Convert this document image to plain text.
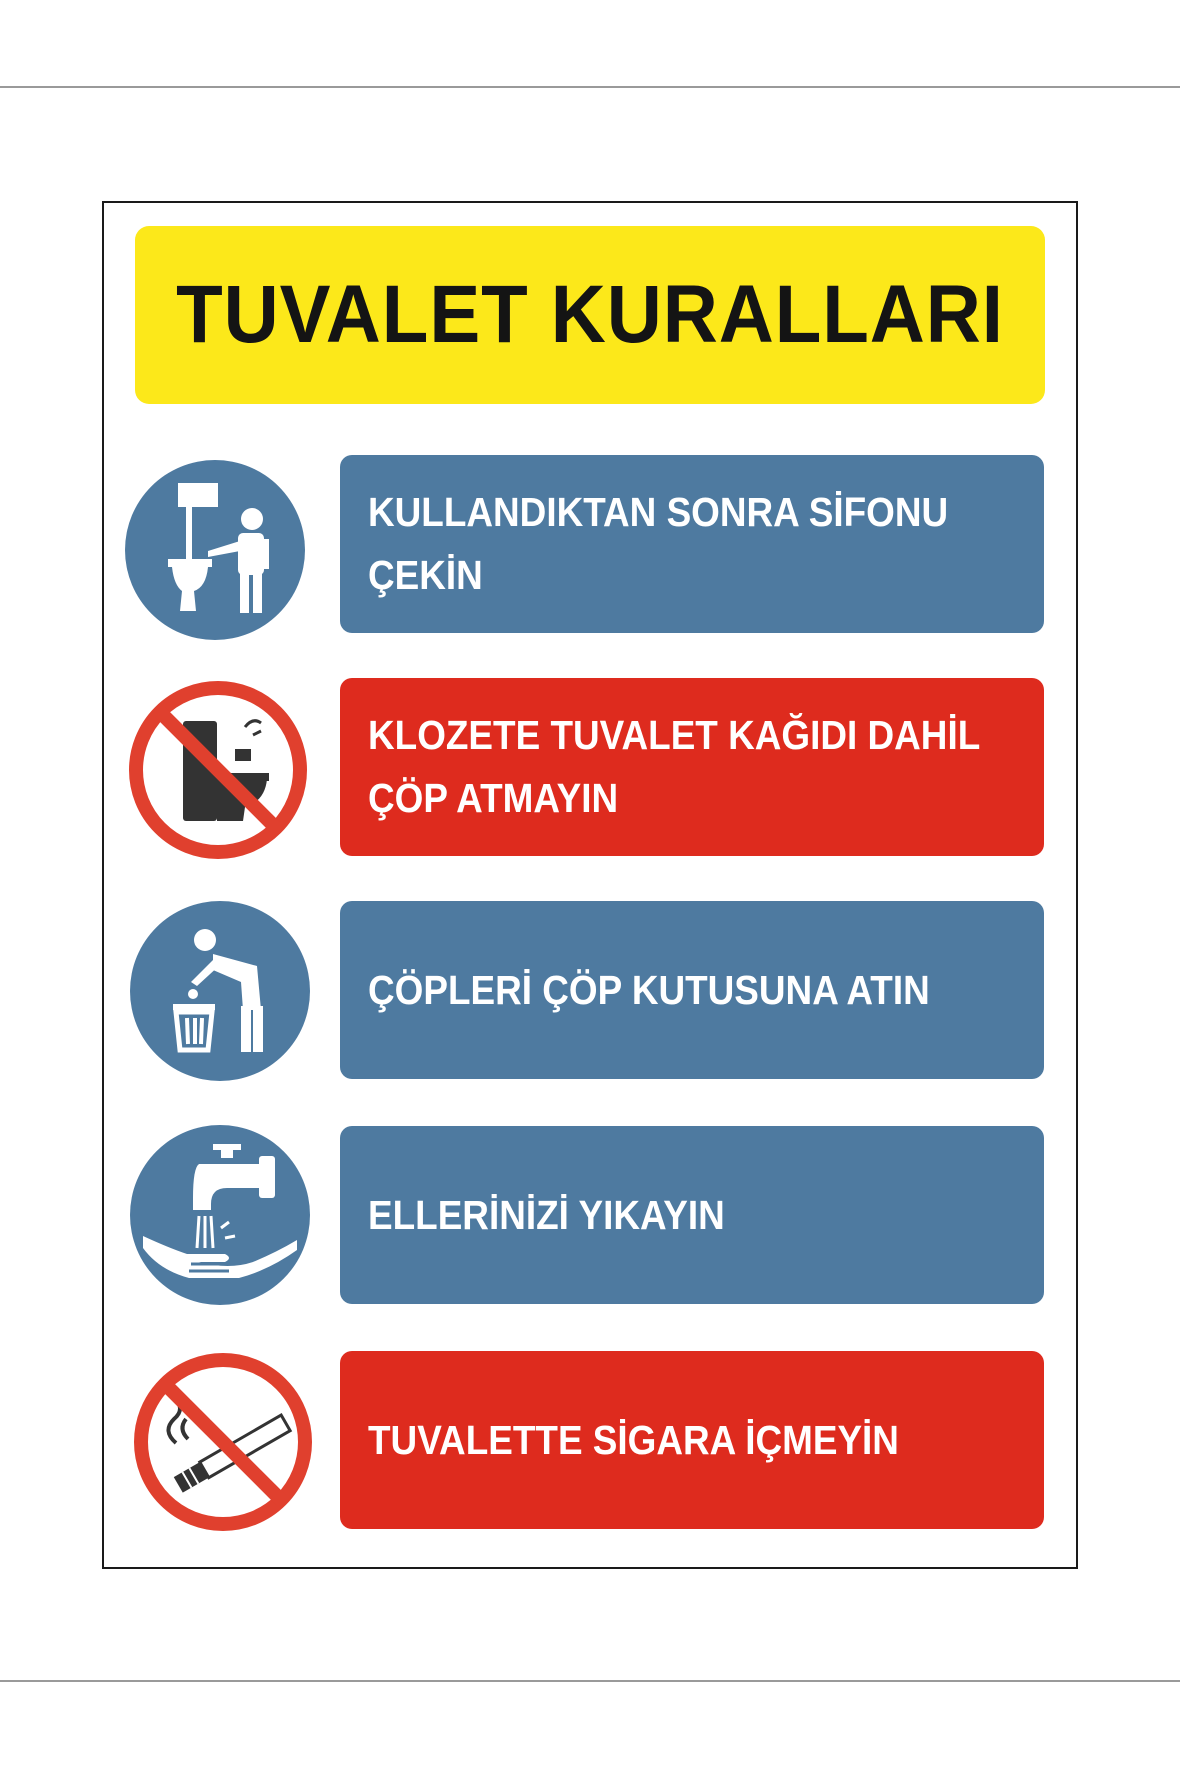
TUVALET KURALLARI
KULLANDIKTAN SONRA SİFONU
ÇEKİN
KLOZETE TUVALET KAĞIDI DAHİL
ÇÖP ATMAYIN
ÇÖPLERİ ÇÖP KUTUSUNA ATIN
ELLERİNİZİ YIKAYIN
TUVALETTE SİGARA İÇMEYİN
